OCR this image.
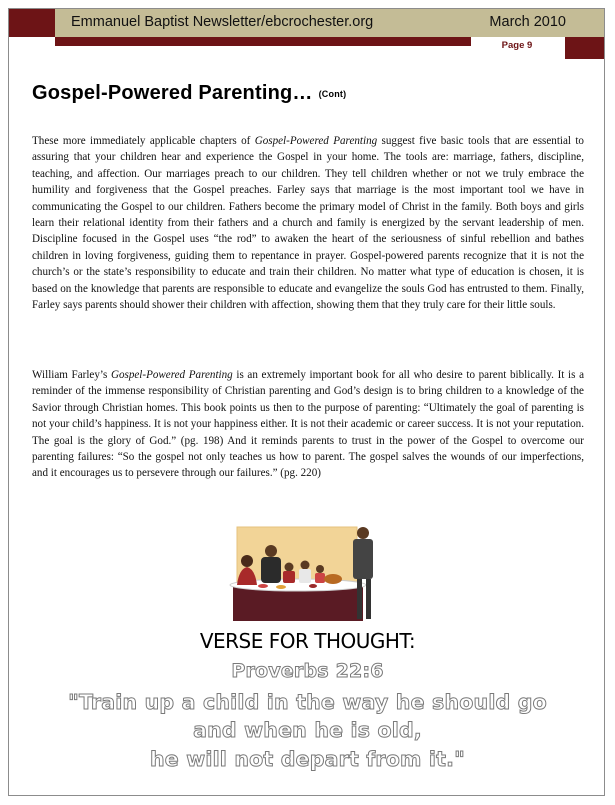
Emmanuel Baptist Newsletter/ebcrochester.org	March 2010
Page 9
Gospel-Powered Parenting… (Cont)
These more immediately applicable chapters of Gospel-Powered Parenting suggest five basic tools that are essential to assuring that your children hear and experience the Gospel in your home. The tools are: marriage, fathers, discipline, teaching, and affection. Our marriages preach to our children. They tell children whether or not we truly embrace the humility and forgiveness that the Gospel preaches. Farley says that marriage is the most important tool we have in communicating the Gospel to our children. Fathers become the primary model of Christ in the family. Both boys and girls learn their relational identity from their fathers and a church and family is energized by the servant leadership of men. Discipline focused in the Gospel uses “the rod” to awaken the heart of the seriousness of sinful rebellion and bathes children in loving forgiveness, guiding them to repentance in prayer. Gospel-powered parents recognize that it is not the church’s or the state’s responsibility to educate and train their children. No matter what type of education is chosen, it is based on the knowledge that parents are responsible to educate and evangelize the souls God has entrusted to them. Finally, Farley says parents should shower their children with affection, showing them that they truly care for their little souls.
William Farley’s Gospel-Powered Parenting is an extremely important book for all who desire to parent biblically. It is a reminder of the immense responsibility of Christian parenting and God’s design is to bring children to a knowledge of the Savior through Christian homes. This book points us then to the purpose of parenting: “Ultimately the goal of parenting is not your child’s happiness. It is not your happiness either. It is not their academic or career success. It is not your reputation. The goal is the glory of God.” (pg. 198) And it reminds parents to trust in the power of the Gospel to overcome our parenting failures: “So the gospel not only teaches us how to parent. The gospel salves the wounds of our imperfections, and it encourages us to persevere through our failures.” (pg. 220)
VERSE FOR THOUGHT:
Proverbs 22:6
"Train up a child in the way he should go
and when he is old,
he will not depart from it."
